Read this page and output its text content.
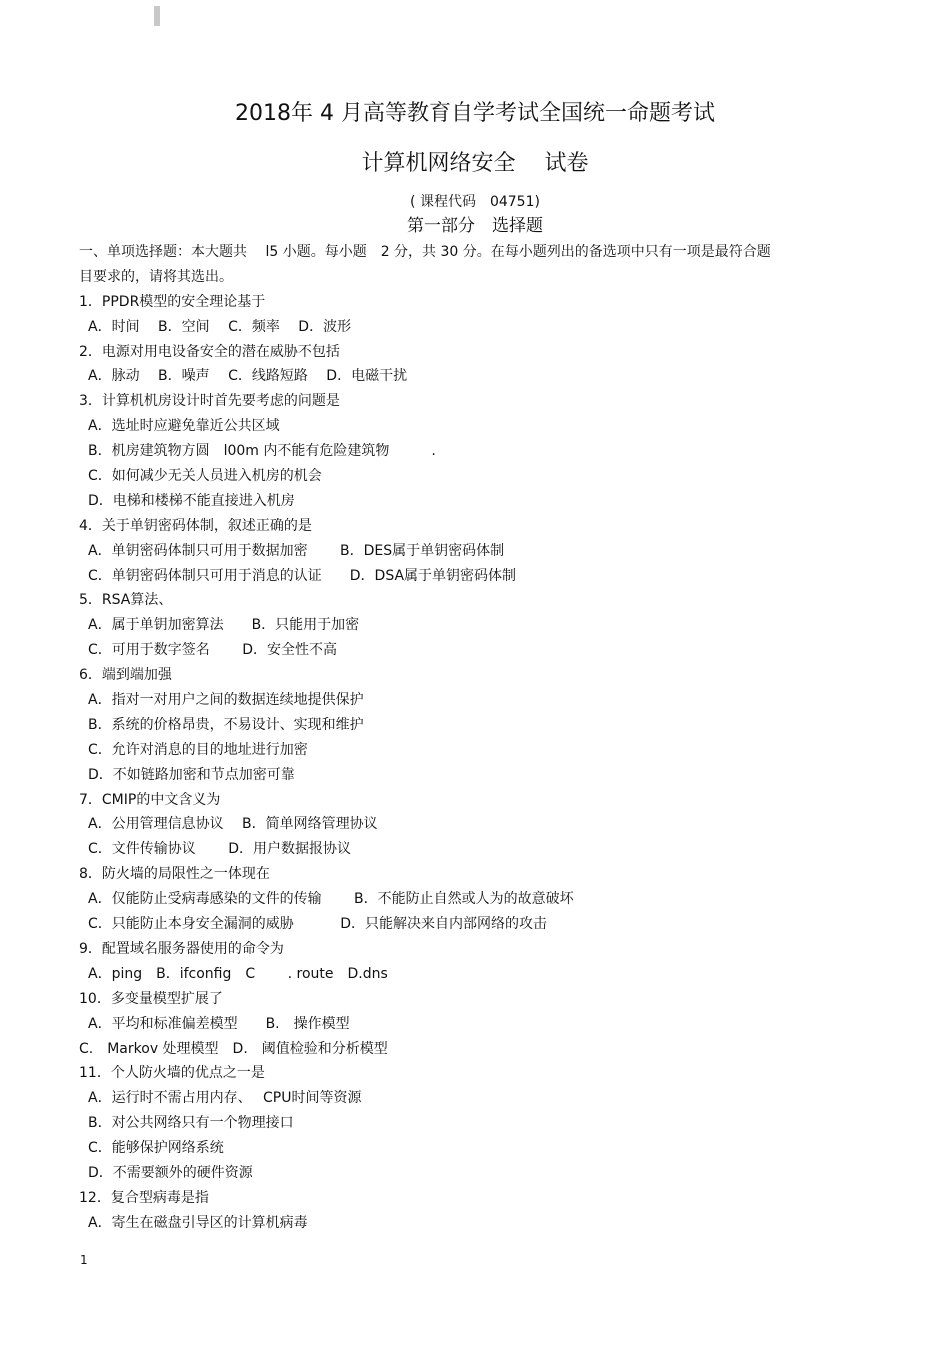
2018年 4 月高等教育自学考试全国统一命题考试
计算机网络安全　 试卷
( 课程代码　04751)
第一部分　选择题
一、单项选择题：本大题共　 l5 小题。每小题　2 分，共 30 分。在每小题列出的备选项中只有一项是最符合题
目要求的，请将其选出。
1．PPDR模型的安全理论基于
A．时间　 B．空间　 C．频率　 D．波形
2．电源对用电设备安全的潜在威胁不包括
A．脉动　 B．噪声　 C．线路短路　 D．电磁干扰
3．计算机机房设计时首先要考虑的问题是
A．选址时应避免靠近公共区域
B．机房建筑物方圆　l00m 内不能有危险建筑物　　　.
C．如何减少无关人员进入机房的机会
D．电梯和楼梯不能直接进入机房
4．关于单钥密码体制，叙述正确的是
A．单钥密码体制只可用于数据加密　　 B．DES属于单钥密码体制
C．单钥密码体制只可用于消息的认证　　D．DSA属于单钥密码体制
5．RSA算法、
A．属于单钥加密算法　　B．只能用于加密
C．可用于数字签名　　 D．安全性不高
6．端到端加强
A．指对一对用户之间的数据连续地提供保护
B．系统的价格昂贵，不易设计、实现和维护
C．允许对消息的目的地址进行加密
D．不如链路加密和节点加密可靠
7．CMIP的中文含义为
A．公用管理信息协议　 B．简单网络管理协议
C．文件传输协议　　 D．用户数据报协议
8．防火墙的局限性之一体现在
A．仅能防止受病毒感染的文件的传输　　 B．不能防止自然或人为的故意破坏
C．只能防止本身安全漏洞的威胁　　　 D．只能解决来自内部网络的攻击
9．配置域名服务器使用的命令为
A．ping　B．ifconfig　C　　 . route　D.dns
10．多变量模型扩展了
A．平均和标准偏差模型　　B.　操作模型
C.　Markov 处理模型　D.　阈值检验和分析模型
11．个人防火墙的优点之一是
A．运行时不需占用内存、　 CPU时间等资源
B．对公共网络只有一个物理接口
C．能够保护网络系统
D．不需要额外的硬件资源
12．复合型病毒是指
A．寄生在磁盘引导区的计算机病毒
1
